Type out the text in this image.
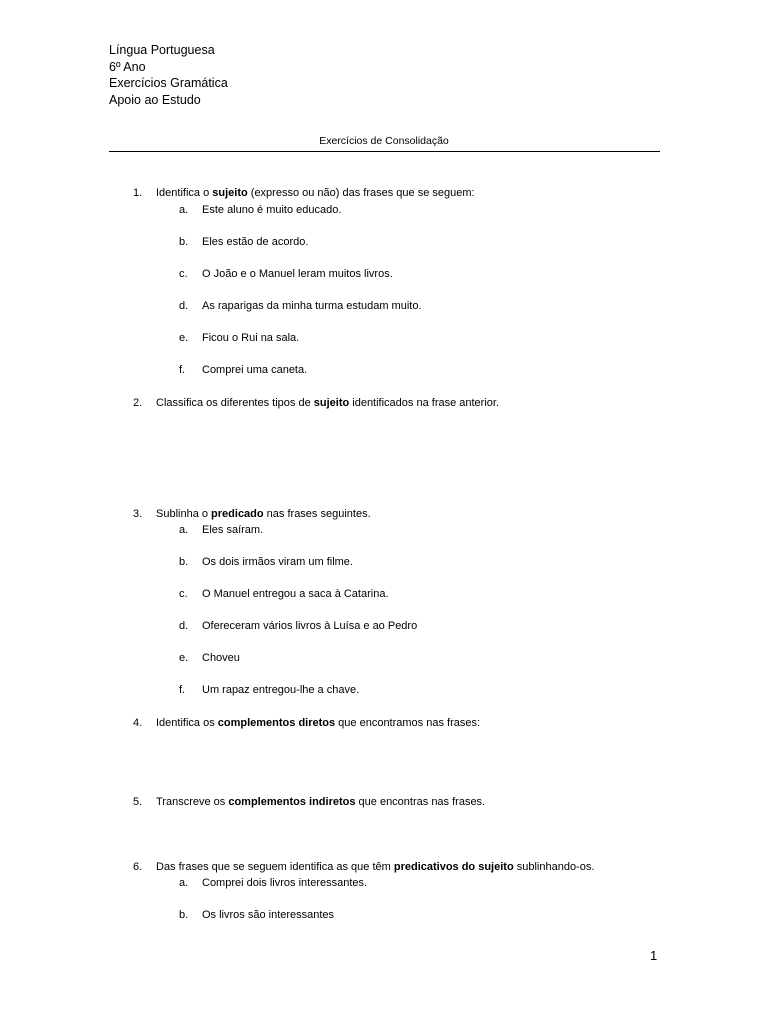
Língua Portuguesa
6º Ano
Exercícios Gramática
Apoio ao Estudo
Exercícios de Consolidação
1. Identifica o sujeito (expresso ou não) das frases que se seguem:
a. Este aluno é muito educado.
b. Eles estão de acordo.
c. O João e o Manuel leram muitos livros.
d. As raparigas da minha turma estudam muito.
e. Ficou o Rui na sala.
f. Comprei uma caneta.
2. Classifica os diferentes tipos de sujeito identificados na frase anterior.
3. Sublinha o predicado nas frases seguintes.
a. Eles saíram.
b. Os dois irmãos viram um filme.
c. O Manuel entregou a saca à Catarina.
d. Ofereceram vários livros à Luísa e ao Pedro
e. Choveu
f. Um rapaz entregou-lhe a chave.
4. Identifica os complementos diretos que encontramos nas frases:
5. Transcreve os complementos indiretos que encontras nas frases.
6. Das frases que se seguem identifica as que têm predicativos do sujeito sublinhando-os.
a. Comprei dois livros interessantes.
b. Os livros são interessantes
1
